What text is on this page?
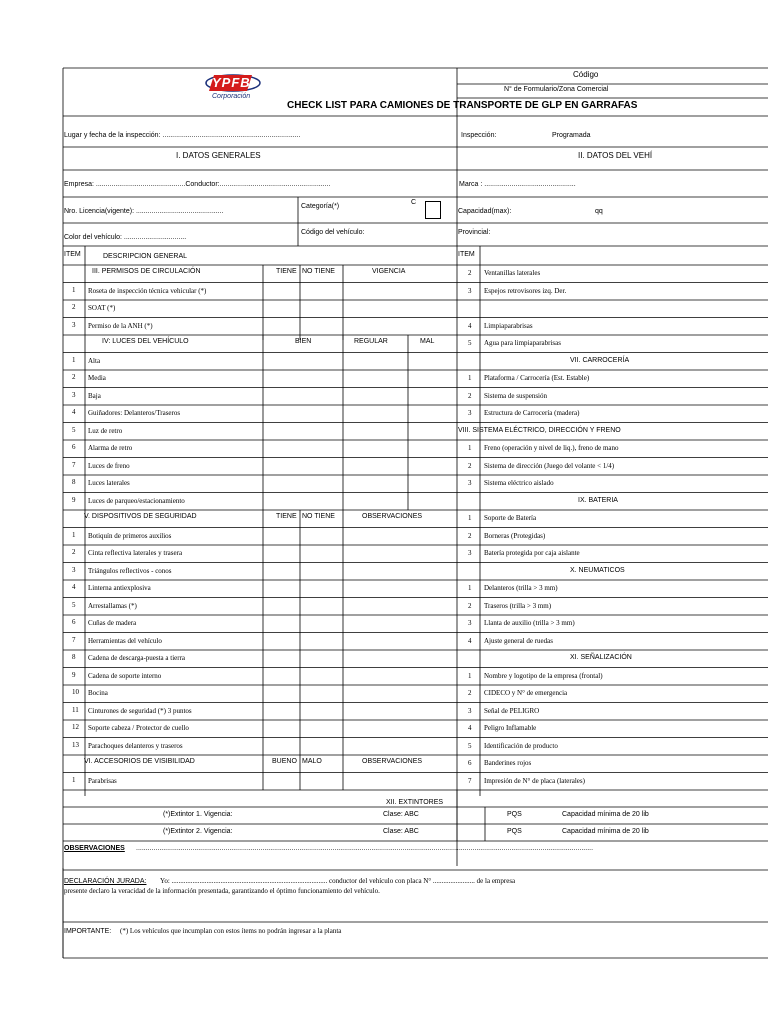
YPFB
Corporación
Código
N° de Formulario/Zona Comercial
CHECK LIST PARA CAMIONES DE TRANSPORTE DE GLP EN GARRAFAS
Lugar y fecha de la inspección: .......................................................................	Inspección:	Programada
I. DATOS GENERALES	II. DATOS DEL VEHÍ
Empresa: ..............................................Conductor:.........................................................	Marca : ...............................................
Nro. Licencia(vigente): .............................................
Categoría(*)
C
Capacidad(max):	qq
Color del vehículo: ................................
Código del vehículo:	Provincial:
ITEM	DESCRIPCION GENERAL	ITEM
III. PERMISOS DE CIRCULACIÓN	TIENE NO TIENE	VIGENCIA
1 Roseta de inspección técnica vehicular (*)
2 SOAT (*)
3 Permiso de la ANH (*)
IV: LUCES DEL VEHÍCULO	BIEN	REGULAR	MAL
1 Alta
2 Media
3 Baja
4 Guiñadores: Delanteros/Traseros
5 Luz de retro
6 Alarma de retro
7 Luces de freno
8 Luces laterales
9 Luces de parqueo/estacionamiento
V. DISPOSITIVOS DE SEGURIDAD	TIENE NO TIENE	OBSERVACIONES
1 Botiquín de primeros auxilios
2 Cinta reflectiva laterales y trasera
3 Triángulos reflectivos - conos
4 Linterna antiexplosiva
5 Arrestallamas (*)
6 Cuñas de madera
7 Herramientas del vehículo
8 Cadena de descarga-puesta a tierra
9 Cadena de soporte interno
10 Bocina
11 Cinturones de seguridad (*) 3 puntos
12 Soporte cabeza / Protector de cuello
13 Parachoques delanteros y traseros
VI. ACCESORIOS DE VISIBILIDAD	BUENO MALO	OBSERVACIONES
1 Parabrisas
2 Ventanillas laterales
3 Espejos retrovisores izq. Der.
4 Limpiaparabrisas
5 Agua para limpiaparabrisas
VII. CARROCERÍA
1 Plataforma / Carrocería (Est. Estable)
2 Sistema de suspensión
3 Estructura de Carrocería (madera)
VIII. SISTEMA ELÉCTRICO, DIRECCIÓN Y FRENO
1 Freno (operación y nivel de liq.), freno de mano
2 Sistema de dirección (Juego del volante < 1/4)
3 Sistema eléctrico aislado
IX. BATERIA
1 Soporte de Batería
2 Borneras (Protegidas)
3 Batería protegida por caja aislante
X. NEUMATICOS
1 Delanteros (trilla > 3 mm)
2 Traseros (trilla > 3 mm)
3 Llanta de auxilio (trilla > 3 mm)
4 Ajuste general de ruedas
XI. SEÑALIZACIÓN
1 Nombre y logotipo de la empresa (frontal)
2 CIDECO y N° de emergencia
3 Señal de PELIGRO
4 Peligro Inflamable
5 Identificación de producto
6 Banderines rojos
7 Impresión de N° de placa (laterales)
XII. EXTINTORES
(*)Extintor 1. Vigencia:	Clase: ABC	PQS	Capacidad mínima de 20 lib
(*)Extintor 2. Vigencia:	Clase: ABC	PQS	Capacidad mínima de 20 lib
OBSERVACIONES ...........................................................................................................................................................................................................................................
DECLARACIÓN JURADA: Yo: ......................................................................................... conductor del vehículo con placa N° ........................ de la empresa
presente declaro la veracidad de la información presentada, garantizando el óptimo funcionamiento del vehículo.
IMPORTANTE: (*) Los vehículos que incumplan con estos ítems no podrán ingresar a la planta
